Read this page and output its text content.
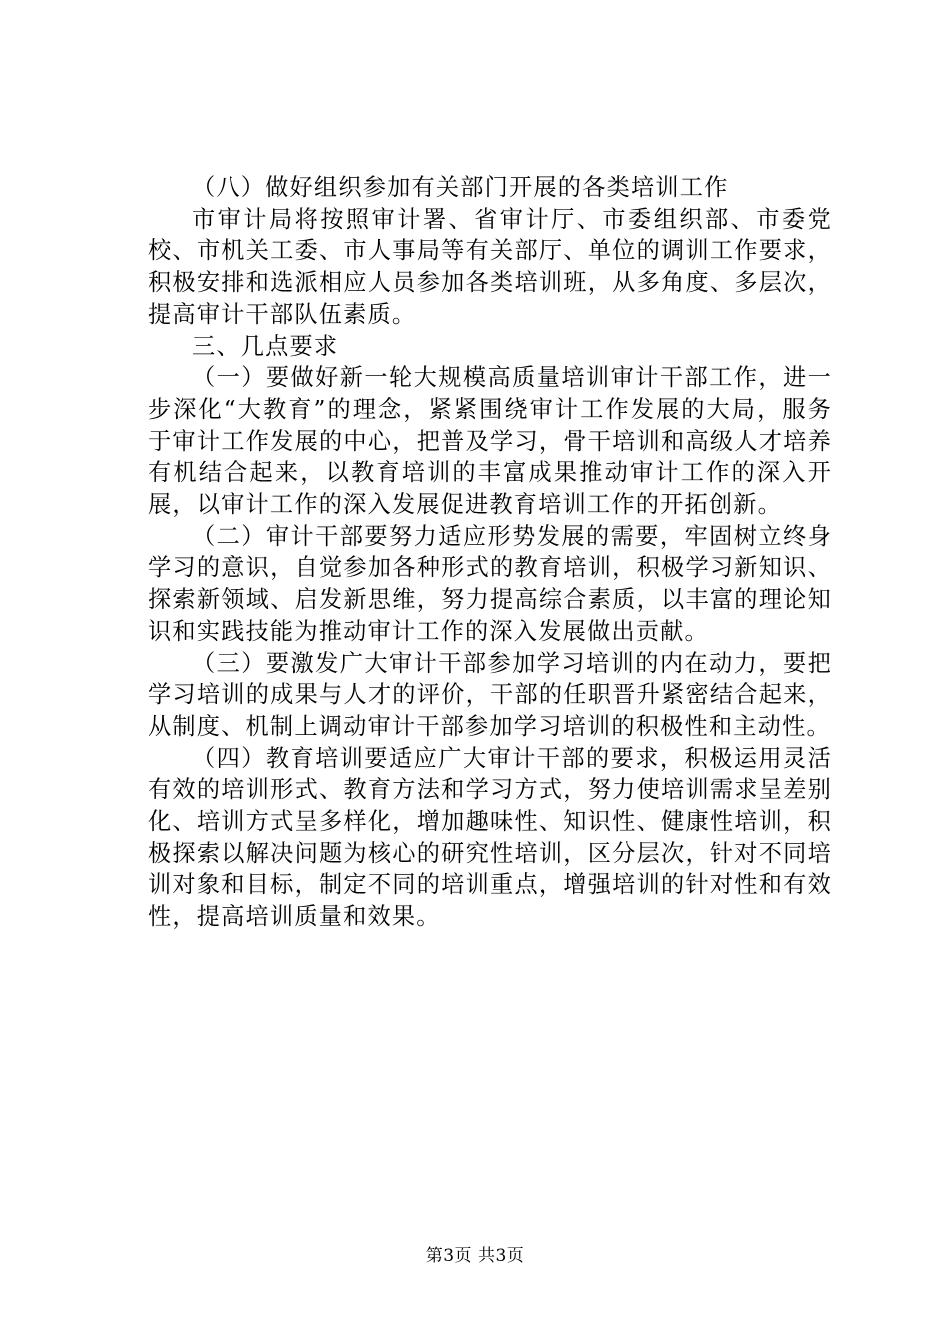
（八）做好组织参加有关部门开展的各类培训工作

市审计局将按照审计署、省审计厅、市委组织部、市委党校、市机关工委、市人事局等有关部厅、单位的调训工作要求，积极安排和选派相应人员参加各类培训班，从多角度、多层次，提高审计干部队伍素质。

三、几点要求

（一）要做好新一轮大规模高质量培训审计干部工作，进一步深化“大教育”的理念，紧紧围绕审计工作发展的大局，服务于审计工作发展的中心，把普及学习，骨干培训和高级人才培养有机结合起来，以教育培训的丰富成果推动审计工作的深入开展，以审计工作的深入发展促进教育培训工作的开拓创新。

（二）审计干部要努力适应形势发展的需要，牢固树立终身学习的意识，自觉参加各种形式的教育培训，积极学习新知识、探索新领域、启发新思维，努力提高综合素质，以丰富的理论知识和实践技能为推动审计工作的深入发展做出贡献。

（三）要激发广大审计干部参加学习培训的内在动力，要把学习培训的成果与人才的评价，干部的任职晋升紧密结合起来，从制度、机制上调动审计干部参加学习培训的积极性和主动性。

（四）教育培训要适应广大审计干部的要求，积极运用灵活有效的培训形式、教育方法和学习方式，努力使培训需求呈差别化、培训方式呈多样化，增加趣味性、知识性、健康性培训，积极探索以解决问题为核心的研究性培训，区分层次，针对不同培训对象和目标，制定不同的培训重点，增强培训的针对性和有效性，提高培训质量和效果。

第3页 共3页
